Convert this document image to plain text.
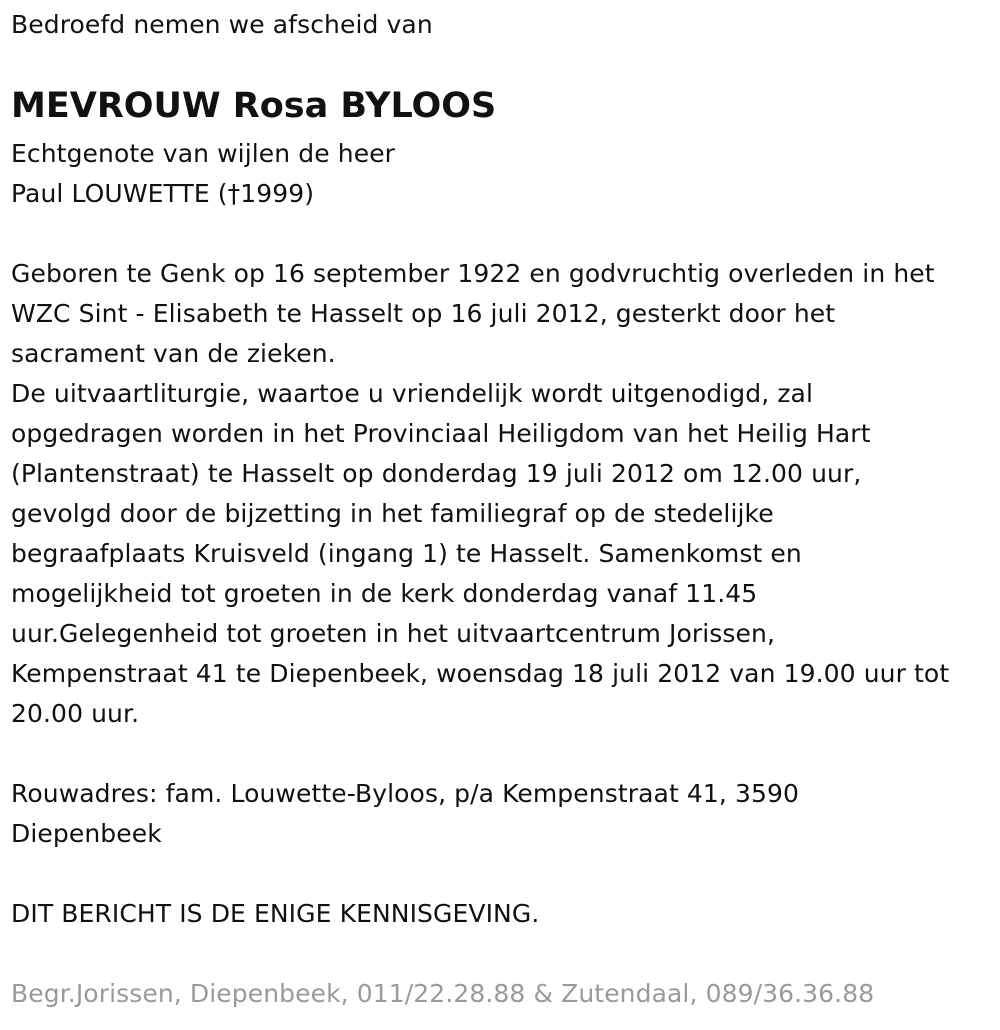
Bedroefd nemen we afscheid van
MEVROUW Rosa BYLOOS
Echtgenote van wijlen de heer
Paul LOUWETTE (†1999)
Geboren te Genk op 16 september 1922 en godvruchtig overleden in het
WZC Sint - Elisabeth te Hasselt op 16 juli 2012, gesterkt door het
sacrament van de zieken.
De uitvaartliturgie, waartoe u vriendelijk wordt uitgenodigd, zal
opgedragen worden in het Provinciaal Heiligdom van het Heilig Hart
(Plantenstraat) te Hasselt op donderdag 19 juli 2012 om 12.00 uur,
gevolgd door de bijzetting in het familiegraf op de stedelijke
begraafplaats Kruisveld (ingang 1) te Hasselt. Samenkomst en
mogelijkheid tot groeten in de kerk donderdag vanaf 11.45
uur.Gelegenheid tot groeten in het uitvaartcentrum Jorissen,
Kempenstraat 41 te Diepenbeek, woensdag 18 juli 2012 van 19.00 uur tot
20.00 uur.
Rouwadres: fam. Louwette-Byloos, p/a Kempenstraat 41, 3590
Diepenbeek
DIT BERICHT IS DE ENIGE KENNISGEVING.
Begr.Jorissen, Diepenbeek, 011/22.28.88 & Zutendaal, 089/36.36.88
